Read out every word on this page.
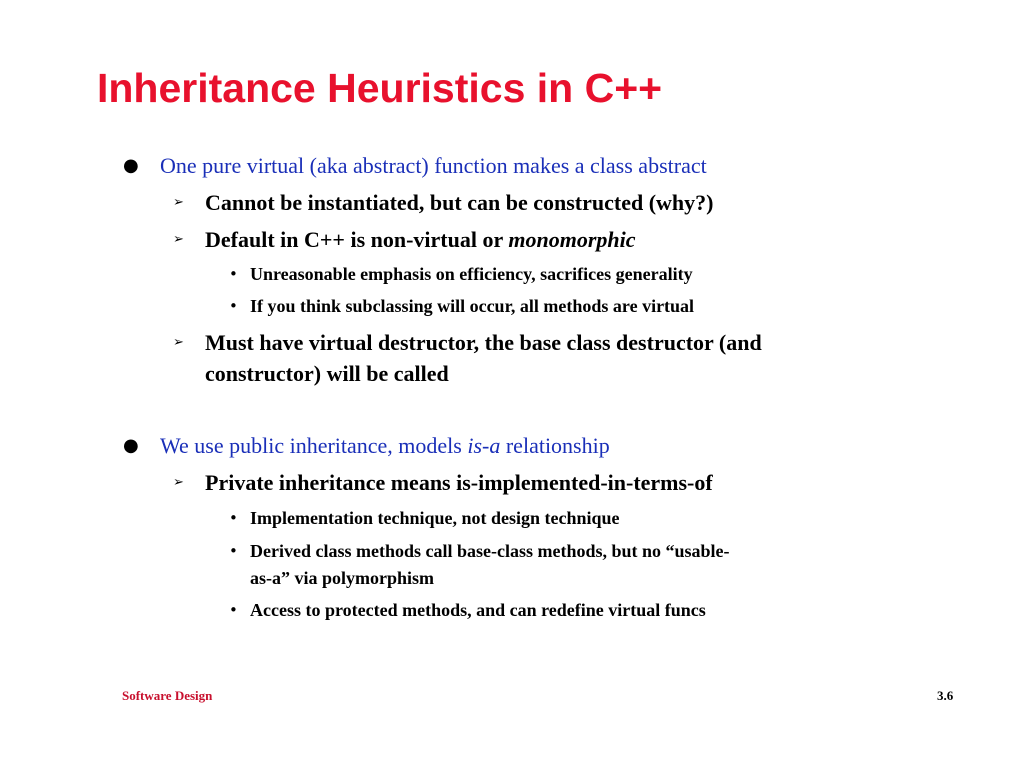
Inheritance Heuristics in C++
● One pure virtual (aka abstract) function makes a class abstract
➢ Cannot be instantiated, but can be constructed (why?)
➢ Default in C++ is non-virtual or monomorphic
• Unreasonable emphasis on efficiency, sacrifices generality
• If you think subclassing will occur, all methods are virtual
➢ Must have virtual destructor, the base class destructor (and
constructor) will be called
● We use public inheritance, models is-a relationship
➢ Private inheritance means is-implemented-in-terms-of
• Implementation technique, not design technique
• Derived class methods call base-class methods, but no “usable-
as-a” via polymorphism
• Access to protected methods, and can redefine virtual funcs
Software Design	3.6
